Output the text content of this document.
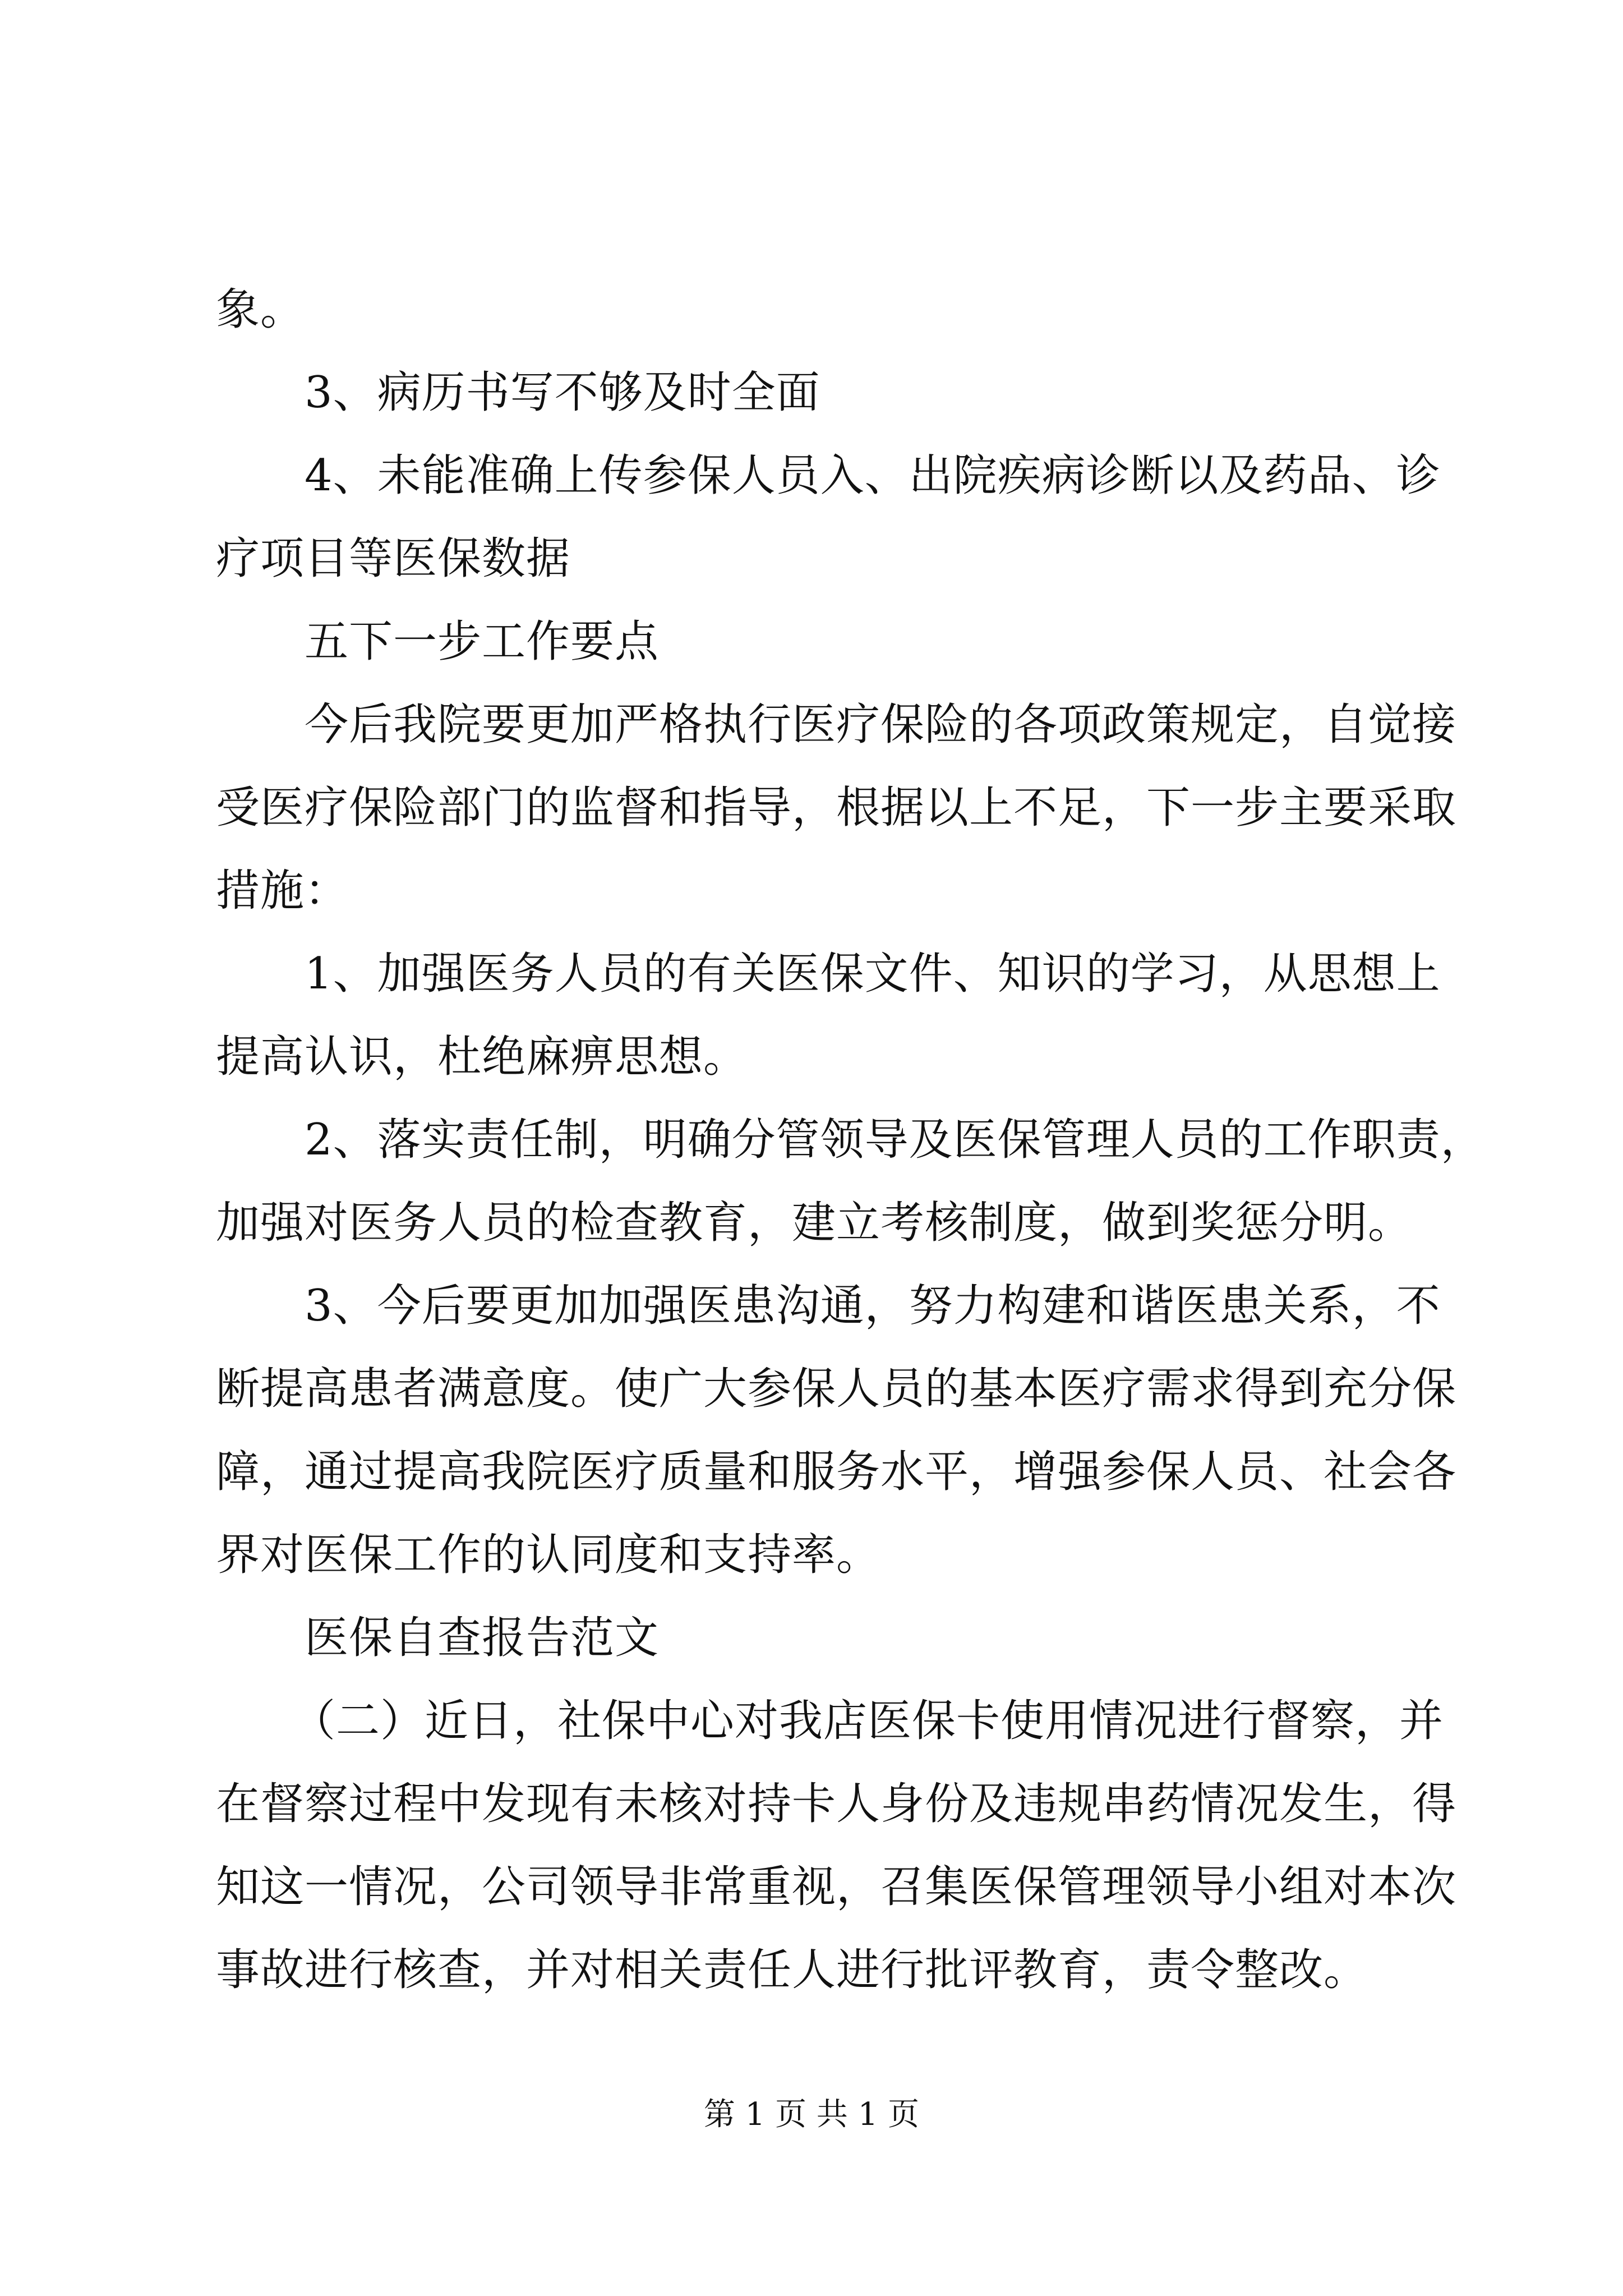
象。
3、病历书写不够及时全面
4、未能准确上传参保人员入、出院疾病诊断以及药品、诊
疗项目等医保数据
五下一步工作要点
今后我院要更加严格执行医疗保险的各项政策规定，自觉接
受医疗保险部门的监督和指导，根据以上不足，下一步主要采取
措施：
1、加强医务人员的有关医保文件、知识的学习，从思想上
提高认识，杜绝麻痹思想。
2、落实责任制，明确分管领导及医保管理人员的工作职责，
加强对医务人员的检查教育，建立考核制度，做到奖惩分明。
3、今后要更加加强医患沟通，努力构建和谐医患关系，不
断提高患者满意度。使广大参保人员的基本医疗需求得到充分保
障，通过提高我院医疗质量和服务水平，增强参保人员、社会各
界对医保工作的认同度和支持率。
医保自查报告范文
（二）近日，社保中心对我店医保卡使用情况进行督察，并
在督察过程中发现有未核对持卡人身份及违规串药情况发生，得
知这一情况，公司领导非常重视，召集医保管理领导小组对本次
事故进行核查，并对相关责任人进行批评教育，责令整改。
第 1 页 共 1 页
